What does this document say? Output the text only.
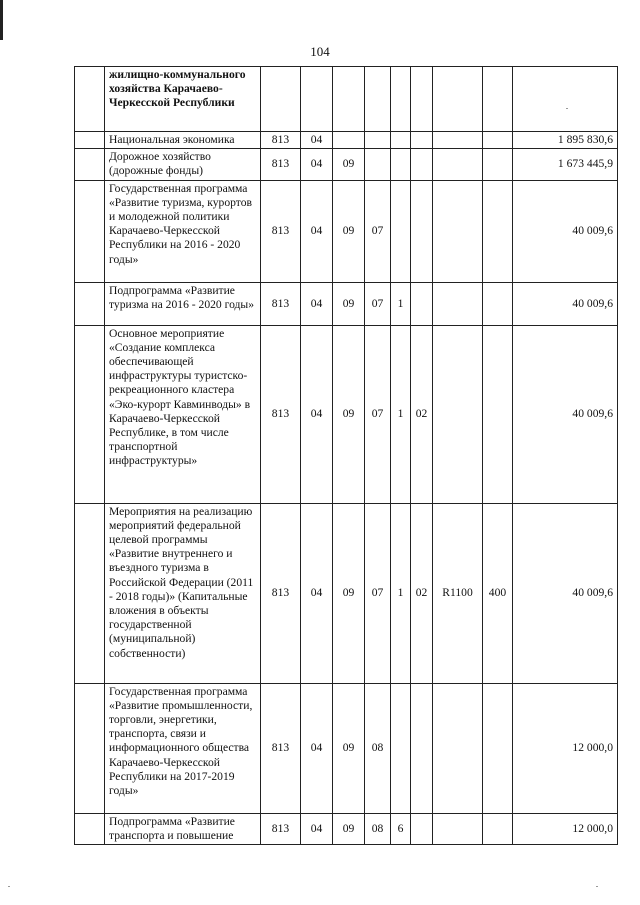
104
	жилищно-коммунального хозяйства Карачаево-Черкесской Республики									
	Национальная экономика	813	04							1 895 830,6
	Дорожное хозяйство (дорожные фонды)	813	04	09						1 673 445,9
	Государственная программа «Развитие туризма, курортов и молодежной политики Карачаево-Черкесской Республики на 2016 - 2020 годы»	813	04	09	07					40 009,6
	Подпрограмма «Развитие туризма на 2016 - 2020 годы»	813	04	09	07	1				40 009,6
	Основное мероприятие «Создание комплекса обеспечивающей инфраструктуры туристско-рекреационного кластера «Эко-курорт Кавминводы» в Карачаево-Черкесской Республике, в том числе транспортной инфраструктуры»	813	04	09	07	1	02			40 009,6
	Мероприятия на реализацию мероприятий федеральной целевой программы «Развитие внутреннего и въездного туризма в Российской Федерации (2011 - 2018 годы)» (Капитальные вложения в объекты государственной (муниципальной) собственности)	813	04	09	07	1	02	R1100	400	40 009,6
	Государственная программа «Развитие промышленности, торговли, энергетики, транспорта, связи и информационного общества Карачаево-Черкесской Республики на 2017-2019 годы»	813	04	09	08					12 000,0
	Подпрограмма «Развитие транспорта и повышение	813	04	09	08	6				12 000,0
